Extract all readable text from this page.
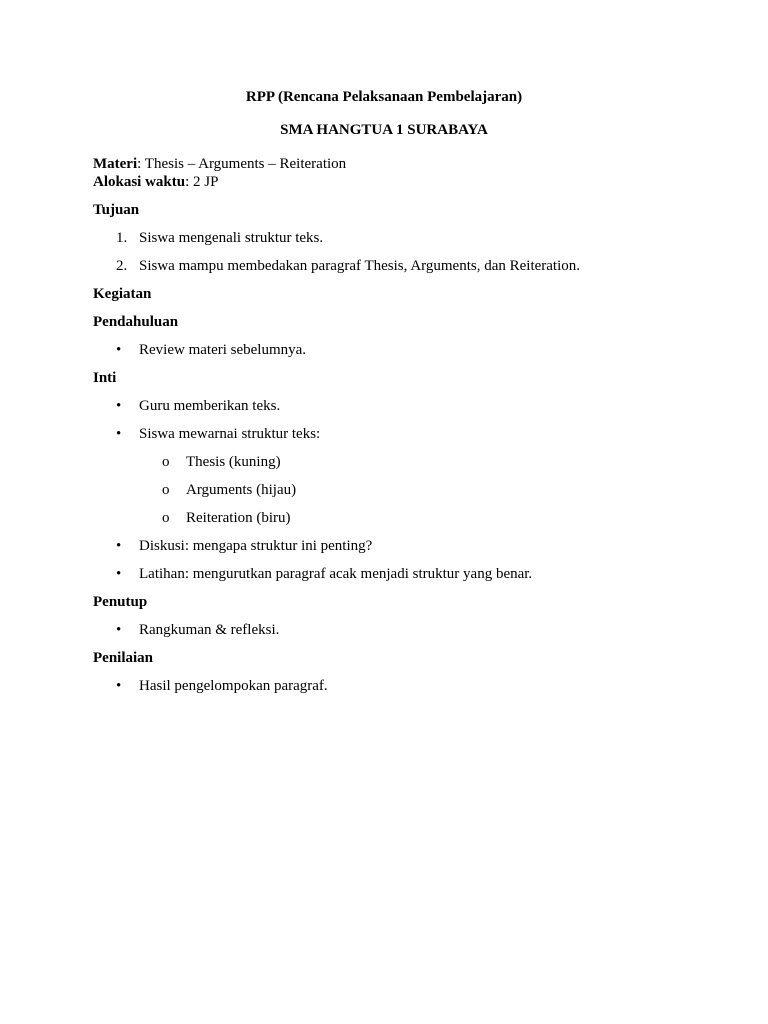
RPP (Rencana Pelaksanaan Pembelajaran)
SMA HANGTUA 1 SURABAYA
Materi: Thesis – Arguments – Reiteration
Alokasi waktu: 2 JP
Tujuan
1. Siswa mengenali struktur teks.
2. Siswa mampu membedakan paragraf Thesis, Arguments, dan Reiteration.
Kegiatan
Pendahuluan
• Review materi sebelumnya.
Inti
• Guru memberikan teks.
• Siswa mewarnai struktur teks:
o Thesis (kuning)
o Arguments (hijau)
o Reiteration (biru)
• Diskusi: mengapa struktur ini penting?
• Latihan: mengurutkan paragraf acak menjadi struktur yang benar.
Penutup
• Rangkuman & refleksi.
Penilaian
• Hasil pengelompokan paragraf.
